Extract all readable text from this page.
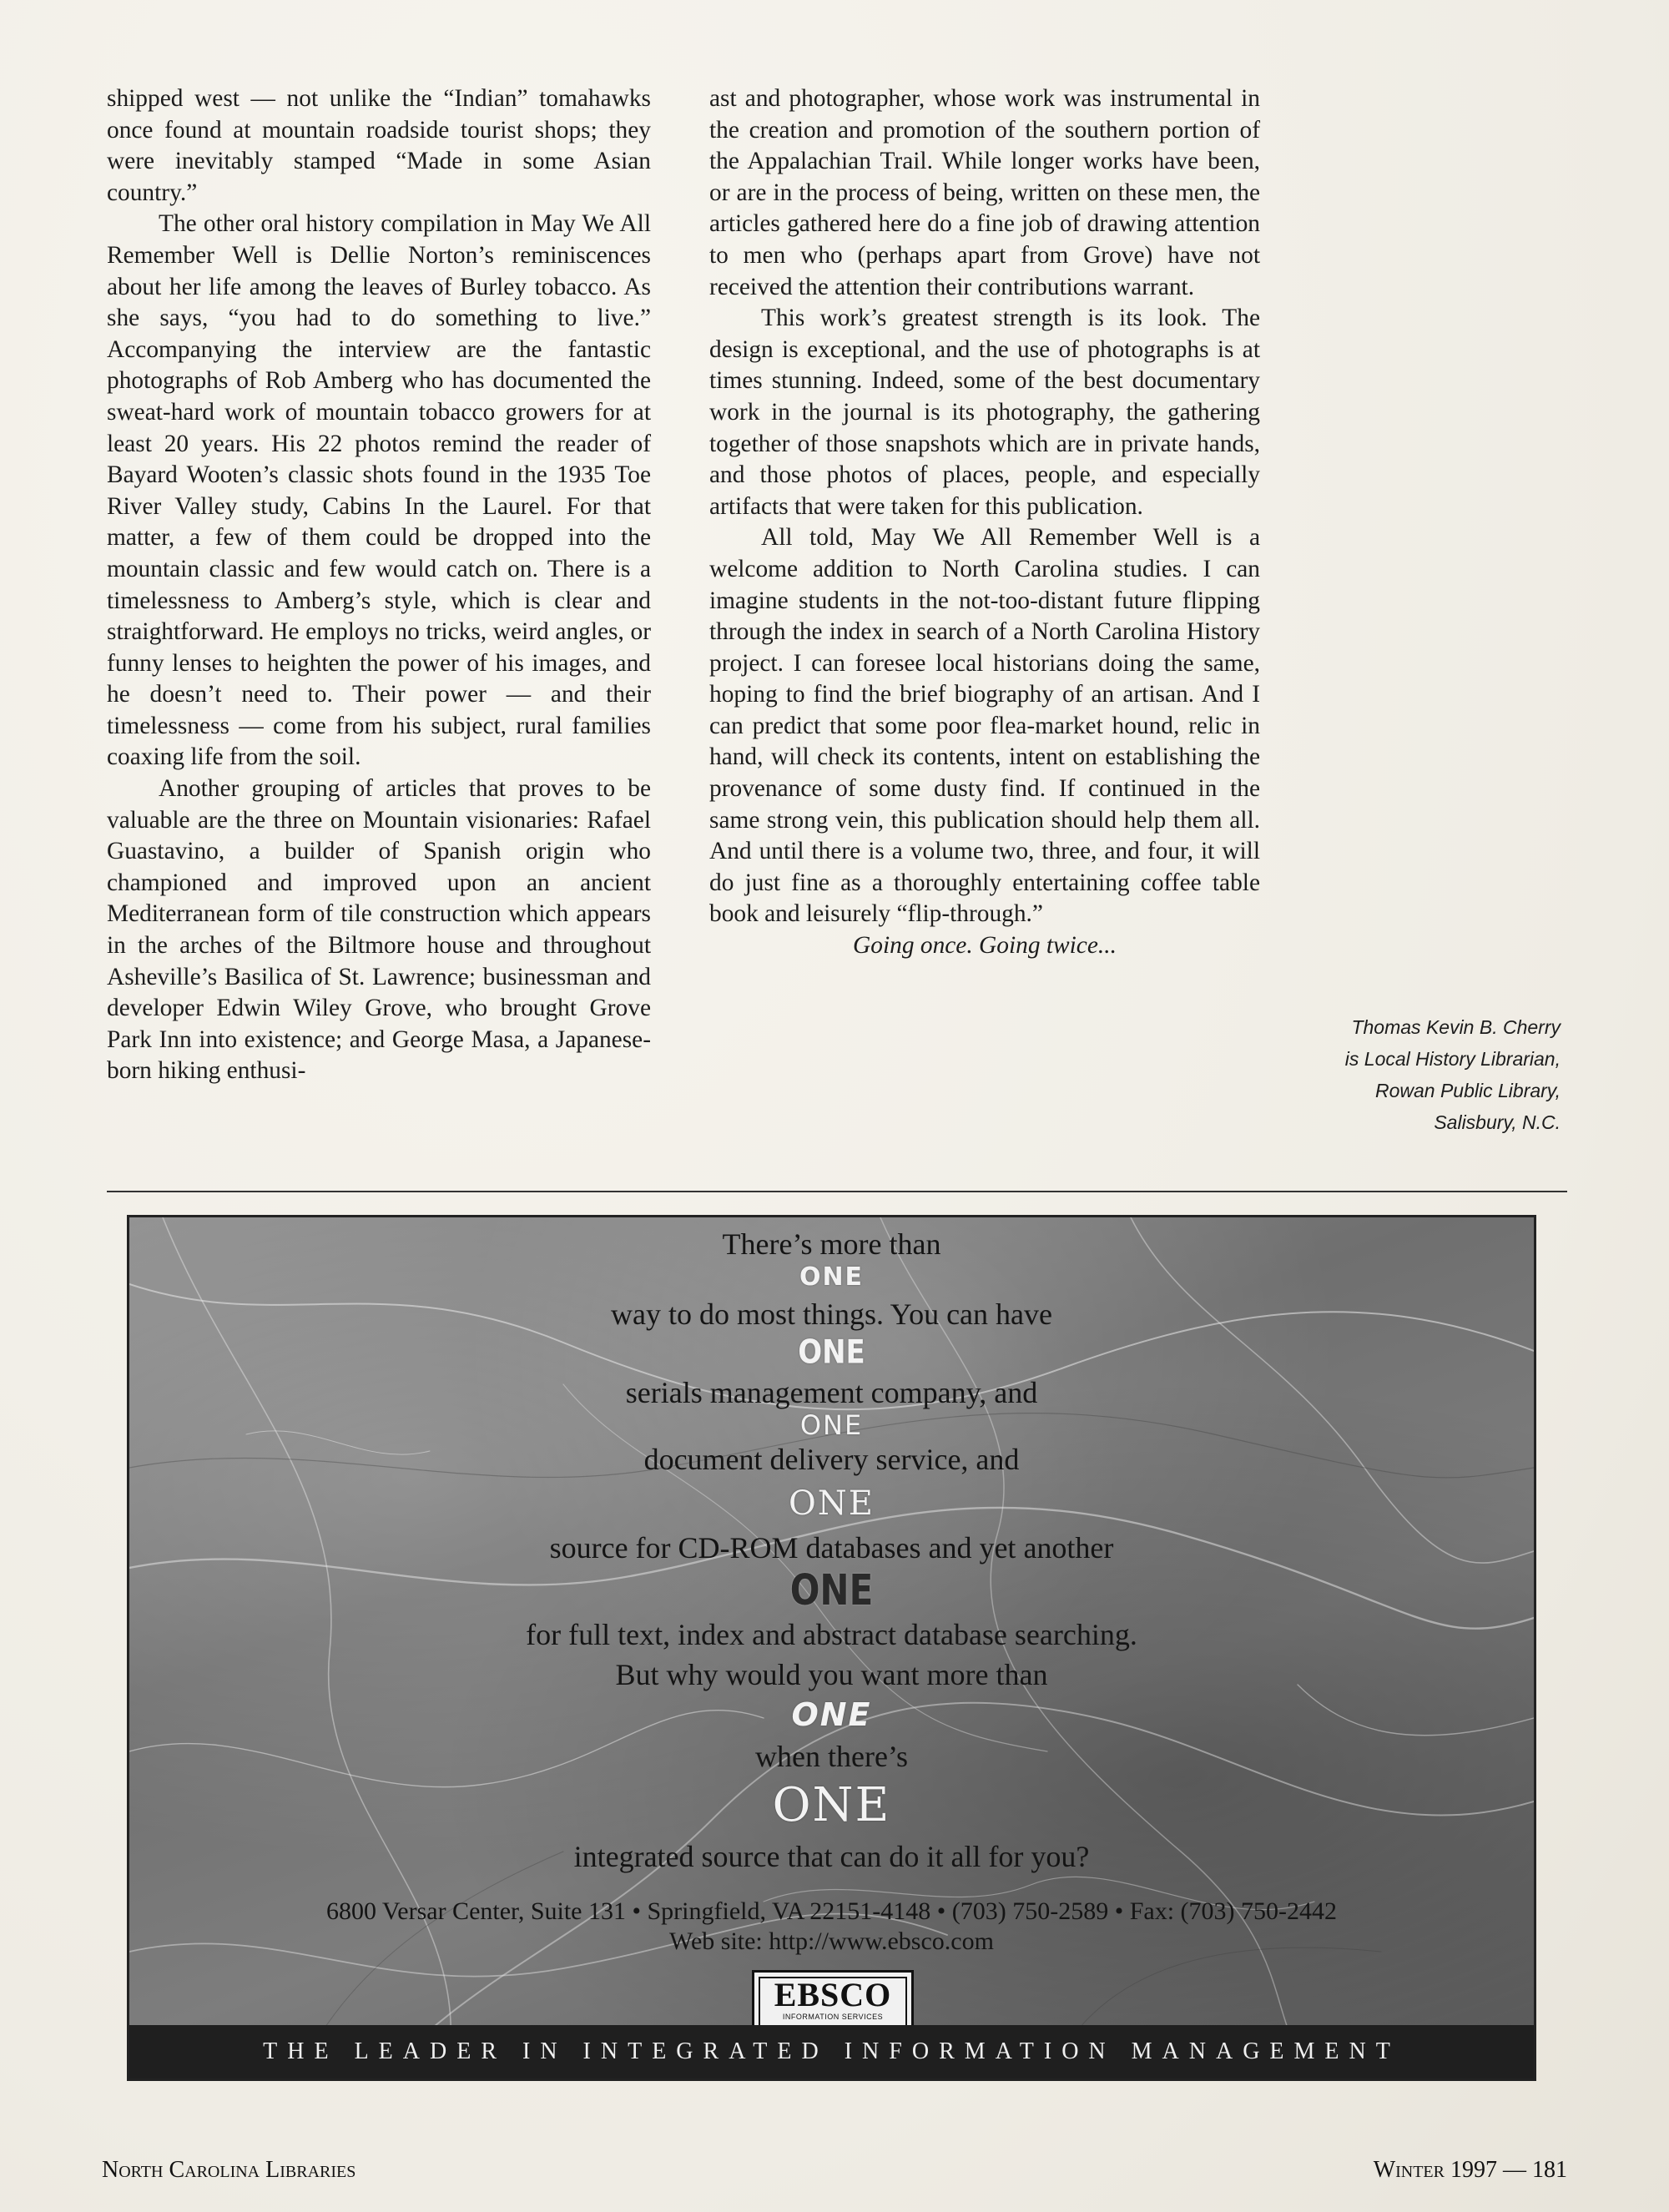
shipped west — not unlike the “Indian” tomahawks once found at mountain roadside tourist shops; they were inevitably stamped “Made in some Asian country.”

The other oral history compilation in May We All Remember Well is Dellie Norton’s reminiscences about her life among the leaves of Burley tobacco. As she says, “you had to do something to live.” Accompanying the interview are the fantastic photographs of Rob Amberg who has documented the sweat-hard work of mountain tobacco growers for at least 20 years. His 22 photos remind the reader of Bayard Wooten’s classic shots found in the 1935 Toe River Valley study, Cabins In the Laurel. For that matter, a few of them could be dropped into the mountain classic and few would catch on. There is a timelessness to Amberg’s style, which is clear and straightforward. He employs no tricks, weird angles, or funny lenses to heighten the power of his images, and he doesn’t need to. Their power — and their timelessness — come from his subject, rural families coaxing life from the soil.

Another grouping of articles that proves to be valuable are the three on Mountain visionaries: Rafael Guastavino, a builder of Spanish origin who championed and improved upon an ancient Mediterranean form of tile construction which appears in the arches of the Biltmore house and throughout Asheville’s Basilica of St. Lawrence; businessman and developer Edwin Wiley Grove, who brought Grove Park Inn into existence; and George Masa, a Japanese-born hiking enthusi-

ast and photographer, whose work was instrumental in the creation and promotion of the southern portion of the Appalachian Trail. While longer works have been, or are in the process of being, written on these men, the articles gathered here do a fine job of drawing attention to men who (perhaps apart from Grove) have not received the attention their contributions warrant.

This work’s greatest strength is its look. The design is exceptional, and the use of photographs is at times stunning. Indeed, some of the best documentary work in the journal is its photography, the gathering together of those snapshots which are in private hands, and those photos of places, people, and especially artifacts that were taken for this publication.

All told, May We All Remember Well is a welcome addition to North Carolina studies. I can imagine students in the not-too-distant future flipping through the index in search of a North Carolina History project. I can foresee local historians doing the same, hoping to find the brief biography of an artisan. And I can predict that some poor flea-market hound, relic in hand, will check its contents, intent on establishing the provenance of some dusty find. If continued in the same strong vein, this publication should help them all. And until there is a volume two, three, and four, it will do just fine as a thoroughly entertaining coffee table book and leisurely “flip-through.”

Going once. Going twice...

Thomas Kevin B. Cherry
is Local History Librarian,
Rowan Public Library,
Salisbury, N.C.
There’s more than
ONE
way to do most things. You can have
ONE
serials management company, and
ONE
document delivery service, and
ONE
source for CD-ROM databases and yet another
ONE
for full text, index and abstract database searching.
But why would you want more than
ONE
when there’s
ONE
integrated source that can do it all for you?
6800 Versar Center, Suite 131 • Springfield, VA 22151-4148 • (703) 750-2589 • Fax: (703) 750-2442
Web site: http://www.ebsco.com
EBSCO
INFORMATION SERVICES
THE LEADER IN INTEGRATED INFORMATION MANAGEMENT
North Carolina Libraries	Winter 1997 — 181
